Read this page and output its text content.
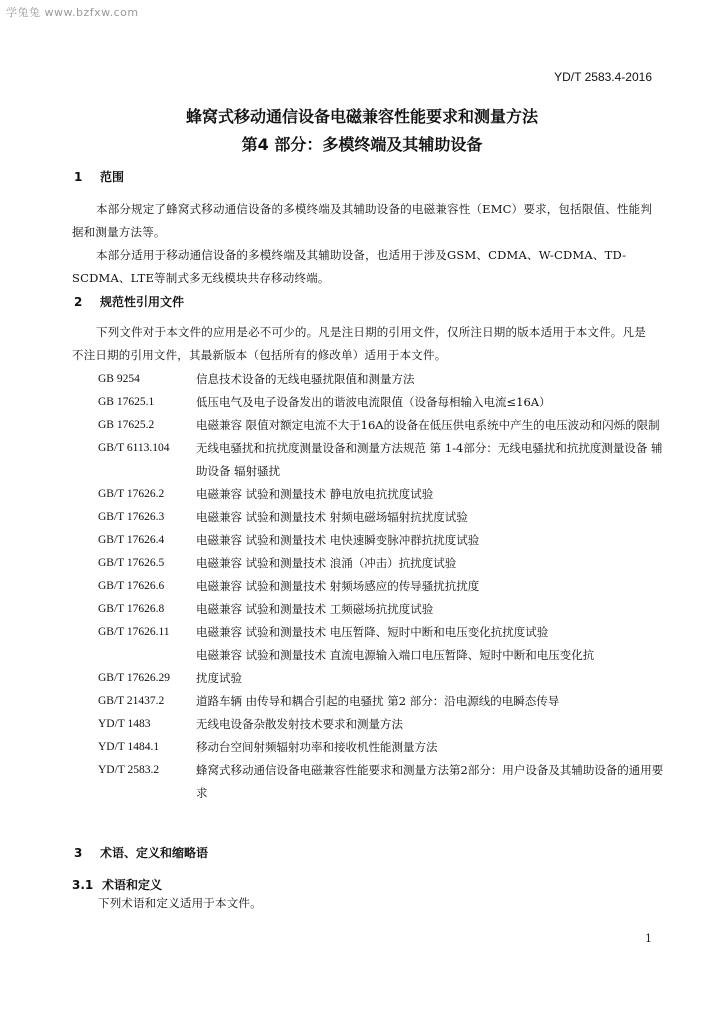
学兔兔 www.bzfxw.com
YD/T 2583.4-2016
蜂窝式移动通信设备电磁兼容性能要求和测量方法
第4 部分：多模终端及其辅助设备
1 范围
本部分规定了蜂窝式移动通信设备的多模终端及其辅助设备的电磁兼容性（EMC）要求，包括限值、性能判据和测量方法等。
本部分适用于移动通信设备的多模终端及其辅助设备，也适用于涉及GSM、CDMA、W-CDMA、TD-SCDMA、LTE等制式多无线模块共存移动终端。
2 规范性引用文件
下列文件对于本文件的应用是必不可少的。凡是注日期的引用文件，仅所注日期的版本适用于本文件。凡是不注日期的引用文件，其最新版本（包括所有的修改单）适用于本文件。
GB 9254	信息技术设备的无线电骚扰限值和测量方法
GB 17625.1	低压电气及电子设备发出的谐波电流限值（设备每相输入电流≤16A）
GB 17625.2	电磁兼容 限值对额定电流不大于16A的设备在低压供电系统中产生的电压波动和闪烁的限制
GB/T 6113.104	无线电骚扰和抗扰度测量设备和测量方法规范 第 1-4部分：无线电骚扰和抗扰度测量设备 辅助设备 辐射骚扰
GB/T 17626.2	电磁兼容 试验和测量技术 静电放电抗扰度试验
GB/T 17626.3	电磁兼容 试验和测量技术 射频电磁场辐射抗扰度试验
GB/T 17626.4	电磁兼容 试验和测量技术 电快速瞬变脉冲群抗扰度试验
GB/T 17626.5	电磁兼容 试验和测量技术 浪涌（冲击）抗扰度试验
GB/T 17626.6	电磁兼容 试验和测量技术 射频场感应的传导骚扰抗扰度
GB/T 17626.8	电磁兼容 试验和测量技术 工频磁场抗扰度试验
GB/T 17626.11	电磁兼容 试验和测量技术 电压暂降、短时中断和电压变化抗扰度试验
电磁兼容 试验和测量技术 直流电源输入端口电压暂降、短时中断和电压变化抗
GB/T 17626.29	扰度试验
GB/T 21437.2	道路车辆 由传导和耦合引起的电骚扰 第2 部分：沿电源线的电瞬态传导
YD/T 1483	无线电设备杂散发射技术要求和测量方法
YD/T 1484.1	移动台空间射频辐射功率和接收机性能测量方法
YD/T 2583.2	蜂窝式移动通信设备电磁兼容性能要求和测量方法第2部分：用户设备及其辅助设备的通用要求
3 术语、定义和缩略语
3.1 术语和定义
下列术语和定义适用于本文件。
1
